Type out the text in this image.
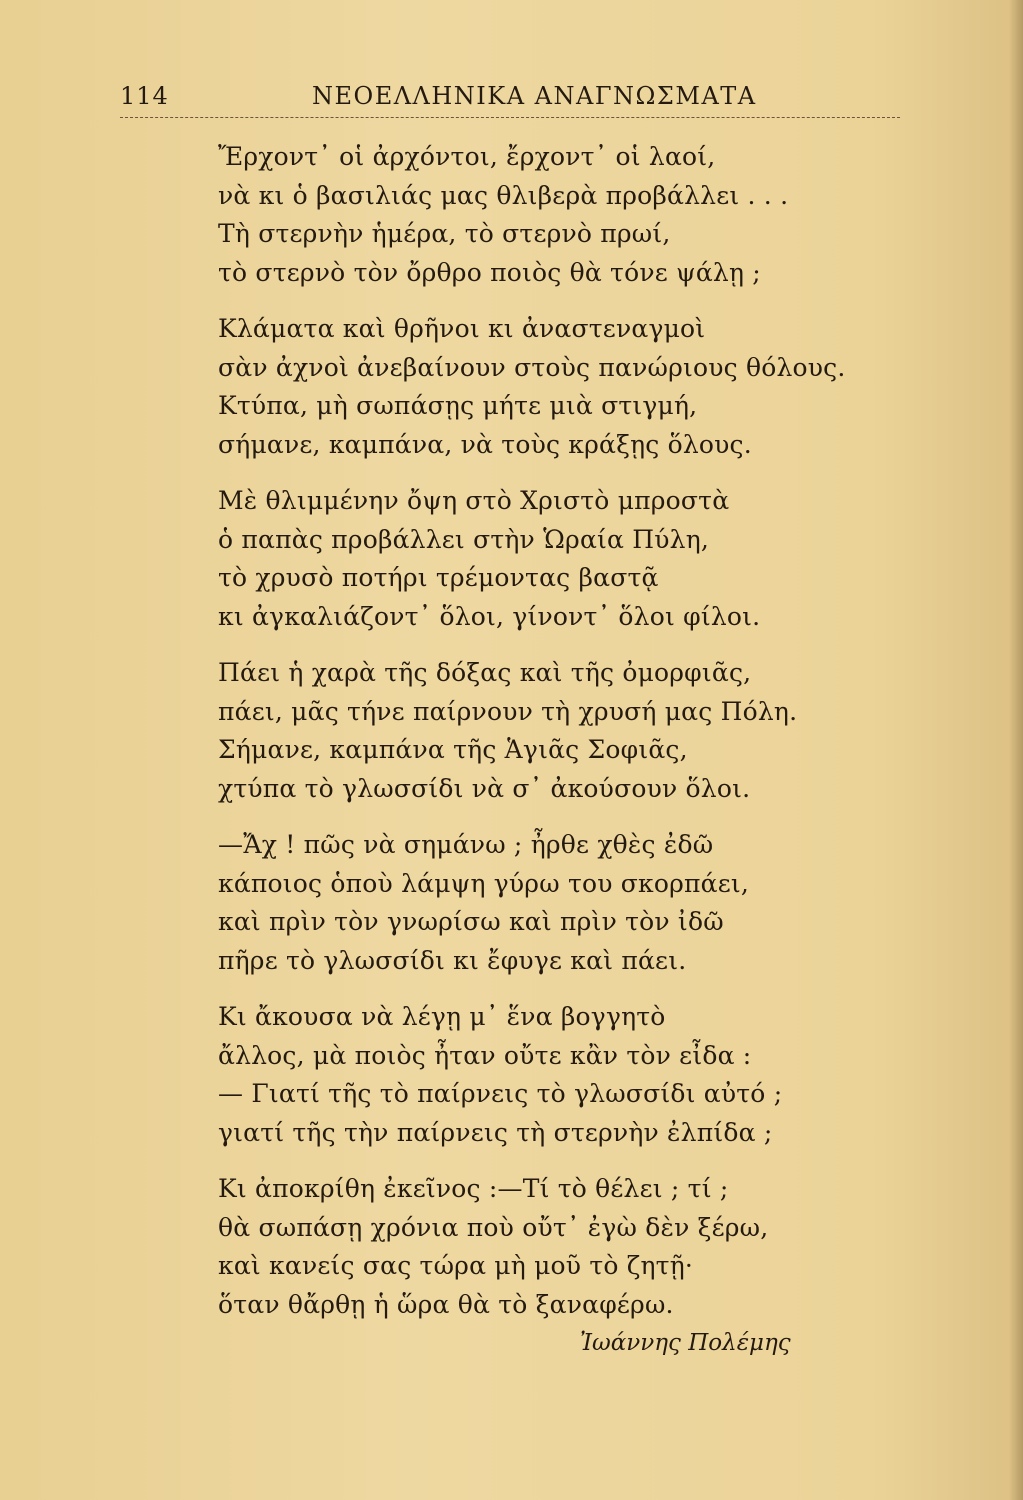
114	ΝΕΟΕΛΛΗΝΙΚΑ ΑΝΑΓΝΩΣΜΑΤΑ
Ἔρχοντ᾽ οἱ ἀρχόντοι, ἔρχοντ᾽ οἱ λαοί,
νὰ κι ὁ βασιλιάς μας θλιβερὰ προβάλλει . . .
Τὴ στερνὴν ἡμέρα, τὸ στερνὸ πρωί,
τὸ στερνὸ τὸν ὄρθρο ποιὸς θὰ τόνε ψάλῃ ;
Κλάματα καὶ θρῆνοι κι ἀναστεναγμοὶ
σὰν ἀχνοὶ ἀνεβαίνουν στοὺς πανώριους θόλους.
Κτύπα, μὴ σωπάσῃς μήτε μιὰ στιγμή,
σήμανε, καμπάνα, νὰ τοὺς κράξῃς ὅλους.
Μὲ θλιμμένην ὄψη στὸ Χριστὸ μπροστὰ
ὁ παπὰς προβάλλει στὴν Ὡραία Πύλη,
τὸ χρυσὸ ποτήρι τρέμοντας βαστᾷ
κι ἀγκαλιάζοντ᾽ ὅλοι, γίνοντ᾽ ὅλοι φίλοι.
Πάει ἡ χαρὰ τῆς δόξας καὶ τῆς ὀμορφιᾶς,
πάει, μᾶς τήνε παίρνουν τὴ χρυσή μας Πόλη.
Σήμανε, καμπάνα τῆς Ἁγιᾶς Σοφιᾶς,
χτύπα τὸ γλωσσίδι νὰ σ᾽ ἀκούσουν ὅλοι.
—Ἄχ ! πῶς νὰ σημάνω ; ἦρθε χθὲς ἐδῶ
κάποιος ὁποὺ λάμψη γύρω του σκορπάει,
καὶ πρὶν τὸν γνωρίσω καὶ πρὶν τὸν ἰδῶ
πῆρε τὸ γλωσσίδι κι ἔφυγε καὶ πάει.
Κι ἄκουσα νὰ λέγῃ μ᾽ ἕνα βογγητὸ
ἄλλος, μὰ ποιὸς ἦταν οὔτε κἂν τὸν εἶδα :
— Γιατί τῆς τὸ παίρνεις τὸ γλωσσίδι αὐτό ;
γιατί τῆς τὴν παίρνεις τὴ στερνὴν ἐλπίδα ;
Κι ἀποκρίθη ἐκεῖνος :—Τί τὸ θέλει ; τί ;
θὰ σωπάσῃ χρόνια ποὺ οὔτ᾽ ἐγὼ δὲν ξέρω,
καὶ κανείς σας τώρα μὴ μοῦ τὸ ζητῇ·
ὅταν θἄρθῃ ἡ ὥρα θὰ τὸ ξαναφέρω.
Ἰωάννης Πολέμης
